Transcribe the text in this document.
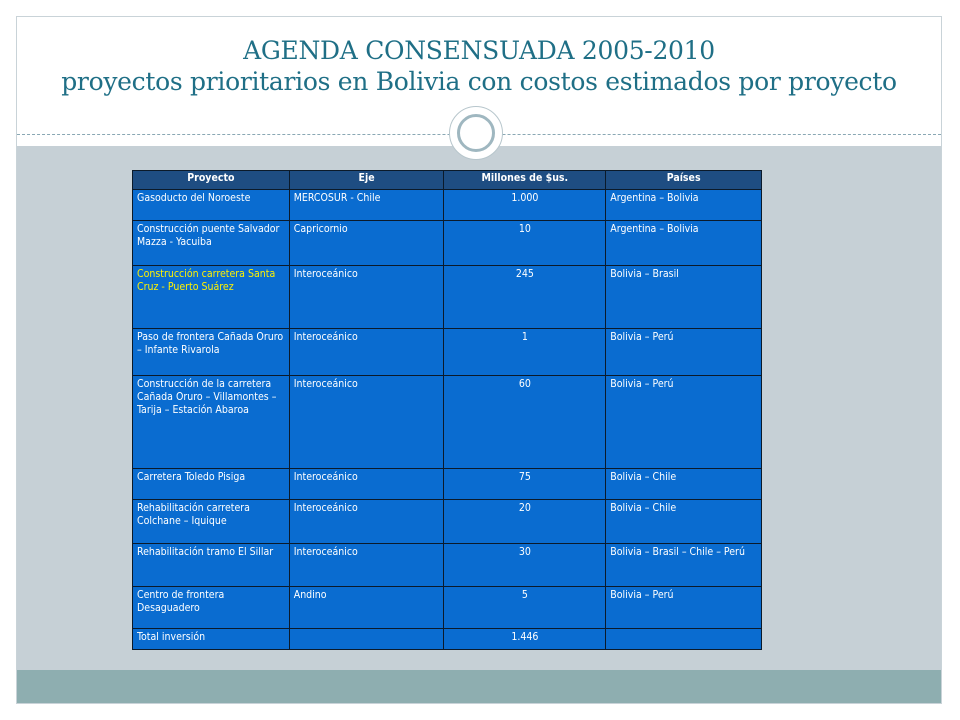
AGENDA CONSENSUADA 2005-2010
proyectos prioritarios en Bolivia con costos estimados por proyecto
Proyecto	Eje	Millones de $us.	Países
Gasoducto del Noroeste	MERCOSUR - Chile	1.000	Argentina – Bolivia
Construcción puente Salvador Mazza - Yacuiba	Capricornio	10	Argentina – Bolivia
Construcción carretera Santa Cruz - Puerto Suárez	Interoceánico	245	Bolivia – Brasil
Paso de frontera Cañada Oruro – Infante Rivarola	Interoceánico	1	Bolivia – Perú
Construcción de la carretera Cañada Oruro – Villamontes – Tarija – Estación Abaroa	Interoceánico	60	Bolivia – Perú
Carretera Toledo Pisiga	Interoceánico	75	Bolivia – Chile
Rehabilitación carretera Colchane – Iquique	Interoceánico	20	Bolivia – Chile
Rehabilitación tramo El Sillar	Interoceánico	30	Bolivia – Brasil – Chile – Perú
Centro de frontera Desaguadero	Andino	5	Bolivia – Perú
Total inversión		1.446	
